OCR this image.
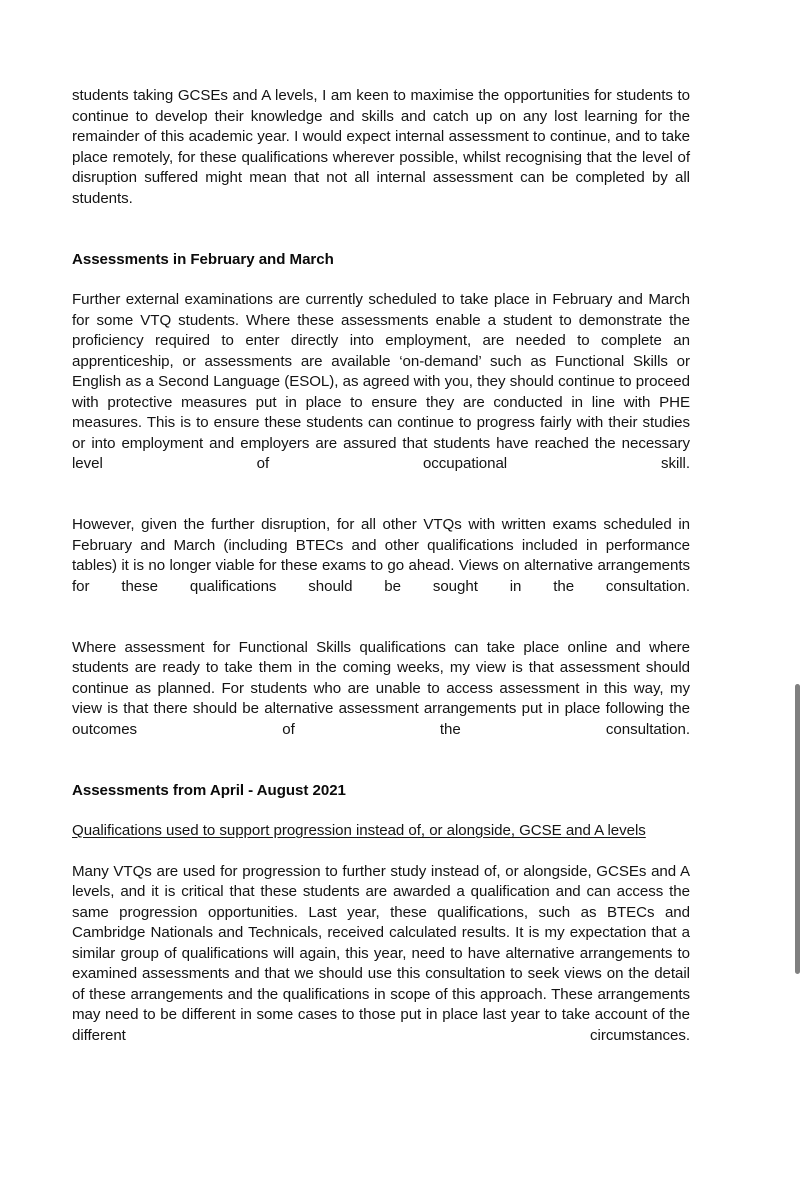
students taking GCSEs and A levels, I am keen to maximise the opportunities for students to continue to develop their knowledge and skills and catch up on any lost learning for the remainder of this academic year. I would expect internal assessment to continue, and to take place remotely, for these qualifications wherever possible, whilst recognising that the level of disruption suffered might mean that not all internal assessment can be completed by all students.

Assessments in February and March

Further external examinations are currently scheduled to take place in February and March for some VTQ students. Where these assessments enable a student to demonstrate the proficiency required to enter directly into employment, are needed to complete an apprenticeship, or assessments are available ‘on-demand’ such as Functional Skills or English as a Second Language (ESOL), as agreed with you, they should continue to proceed with protective measures put in place to ensure they are conducted in line with PHE measures. This is to ensure these students can continue to progress fairly with their studies or into employment and employers are assured that students have reached the necessary level of occupational skill.

However, given the further disruption, for all other VTQs with written exams scheduled in February and March (including BTECs and other qualifications included in performance tables) it is no longer viable for these exams to go ahead. Views on alternative arrangements for these qualifications should be sought in the consultation.

Where assessment for Functional Skills qualifications can take place online and where students are ready to take them in the coming weeks, my view is that assessment should continue as planned. For students who are unable to access assessment in this way, my view is that there should be alternative assessment arrangements put in place following the outcomes of the consultation.

Assessments from April - August 2021

Qualifications used to support progression instead of, or alongside, GCSE and A levels

Many VTQs are used for progression to further study instead of, or alongside, GCSEs and A levels, and it is critical that these students are awarded a qualification and can access the same progression opportunities. Last year, these qualifications, such as BTECs and Cambridge Nationals and Technicals, received calculated results. It is my expectation that a similar group of qualifications will again, this year, need to have alternative arrangements to examined assessments and that we should use this consultation to seek views on the detail of these arrangements and the qualifications in scope of this approach. These arrangements may need to be different in some cases to those put in place last year to take account of the different circumstances.
